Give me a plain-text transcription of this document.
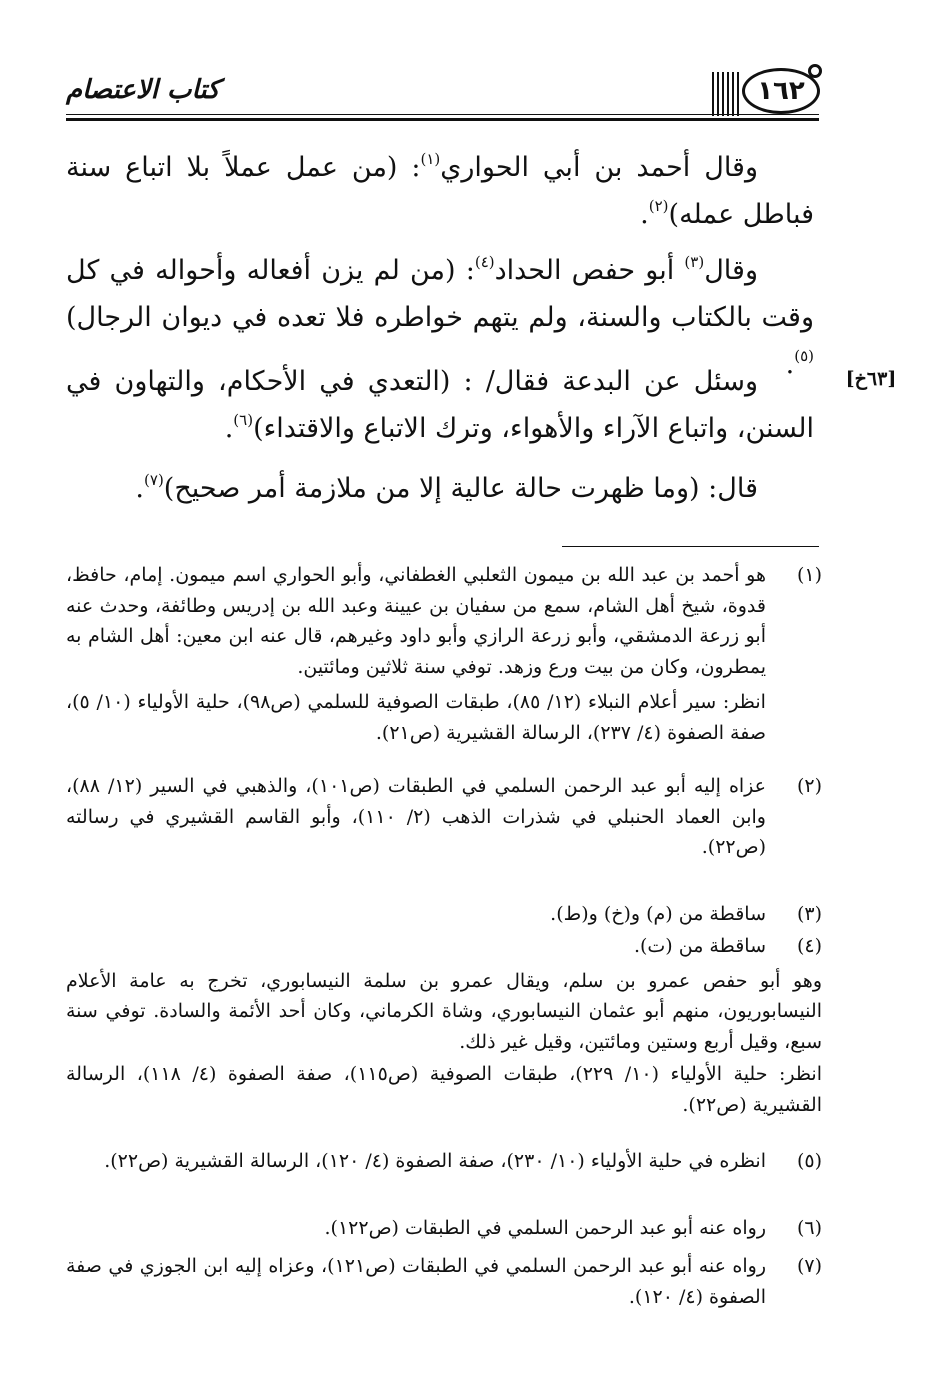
كتاب الاعتصام	١٦٢
وقال أحمد بن أبي الحواري$^{(١)}$: (من عمل عملاً بلا اتباع سنة فباطل عمله)$^{(٢)}$.
وقال$^{(٣)}$ أبو حفص الحداد$^{(٤)}$: (من لم يزن أفعاله وأحواله في كل وقت بالكتاب والسنة، ولم يتهم خواطره فلا تعده في ديوان الرجال)$^{(٥)}$.	[٦٣خ]
وسئل عن البدعة فقال/ : (التعدي في الأحكام، والتهاون في السنن، واتباع الآراء والأهواء، وترك الاتباع والاقتداء)$^{(٦)}$.
قال: (وما ظهرت حالة عالية إلا من ملازمة أمر صحيح)$^{(٧)}$.
(١)
هو أحمد بن عبد الله بن ميمون الثعلبي الغطفاني، وأبو الحواري اسم ميمون. إمام، حافظ، قدوة، شيخ أهل الشام، سمع من سفيان بن عيينة وعبد الله بن إدريس وطائفة، وحدث عنه أبو زرعة الدمشقي، وأبو زرعة الرازي وأبو داود وغيرهم، قال عنه ابن معين: أهل الشام به يمطرون، وكان من بيت ورع وزهد. توفي سنة ثلاثين ومائتين.
انظر: سير أعلام النبلاء (١٢/ ٨٥)، طبقات الصوفية للسلمي (ص٩٨)، حلية الأولياء (١٠/ ٥)، صفة الصفوة (٤/ ٢٣٧)، الرسالة القشيرية (ص٢١).
(٢)
عزاه إليه أبو عبد الرحمن السلمي في الطبقات (ص١٠١)، والذهبي في السير (١٢/ ٨٨)، وابن العماد الحنبلي في شذرات الذهب (٢/ ١١٠)، وأبو القاسم القشيري في رسالته (ص٢٢).
(٣)
ساقطة من (م) و(خ) و(ط).
(٤)
ساقطة من (ت).
وهو أبو حفص عمرو بن سلم، ويقال عمرو بن سلمة النيسابوري، تخرج به عامة الأعلام النيسابوريون، منهم أبو عثمان النيسابوري، وشاة الكرماني، وكان أحد الأئمة والسادة. توفي سنة سبع، وقيل أربع وستين ومائتين، وقيل غير ذلك.
انظر: حلية الأولياء (١٠/ ٢٢٩)، طبقات الصوفية (ص١١٥)، صفة الصفوة (٤/ ١١٨)، الرسالة القشيرية (ص٢٢).
(٥)
انظره في حلية الأولياء (١٠/ ٢٣٠)، صفة الصفوة (٤/ ١٢٠)، الرسالة القشيرية (ص٢٢).
(٦)
رواه عنه أبو عبد الرحمن السلمي في الطبقات (ص١٢٢).
(٧)
رواه عنه أبو عبد الرحمن السلمي في الطبقات (ص١٢١)، وعزاه إليه ابن الجوزي في صفة الصفوة (٤/ ١٢٠).
